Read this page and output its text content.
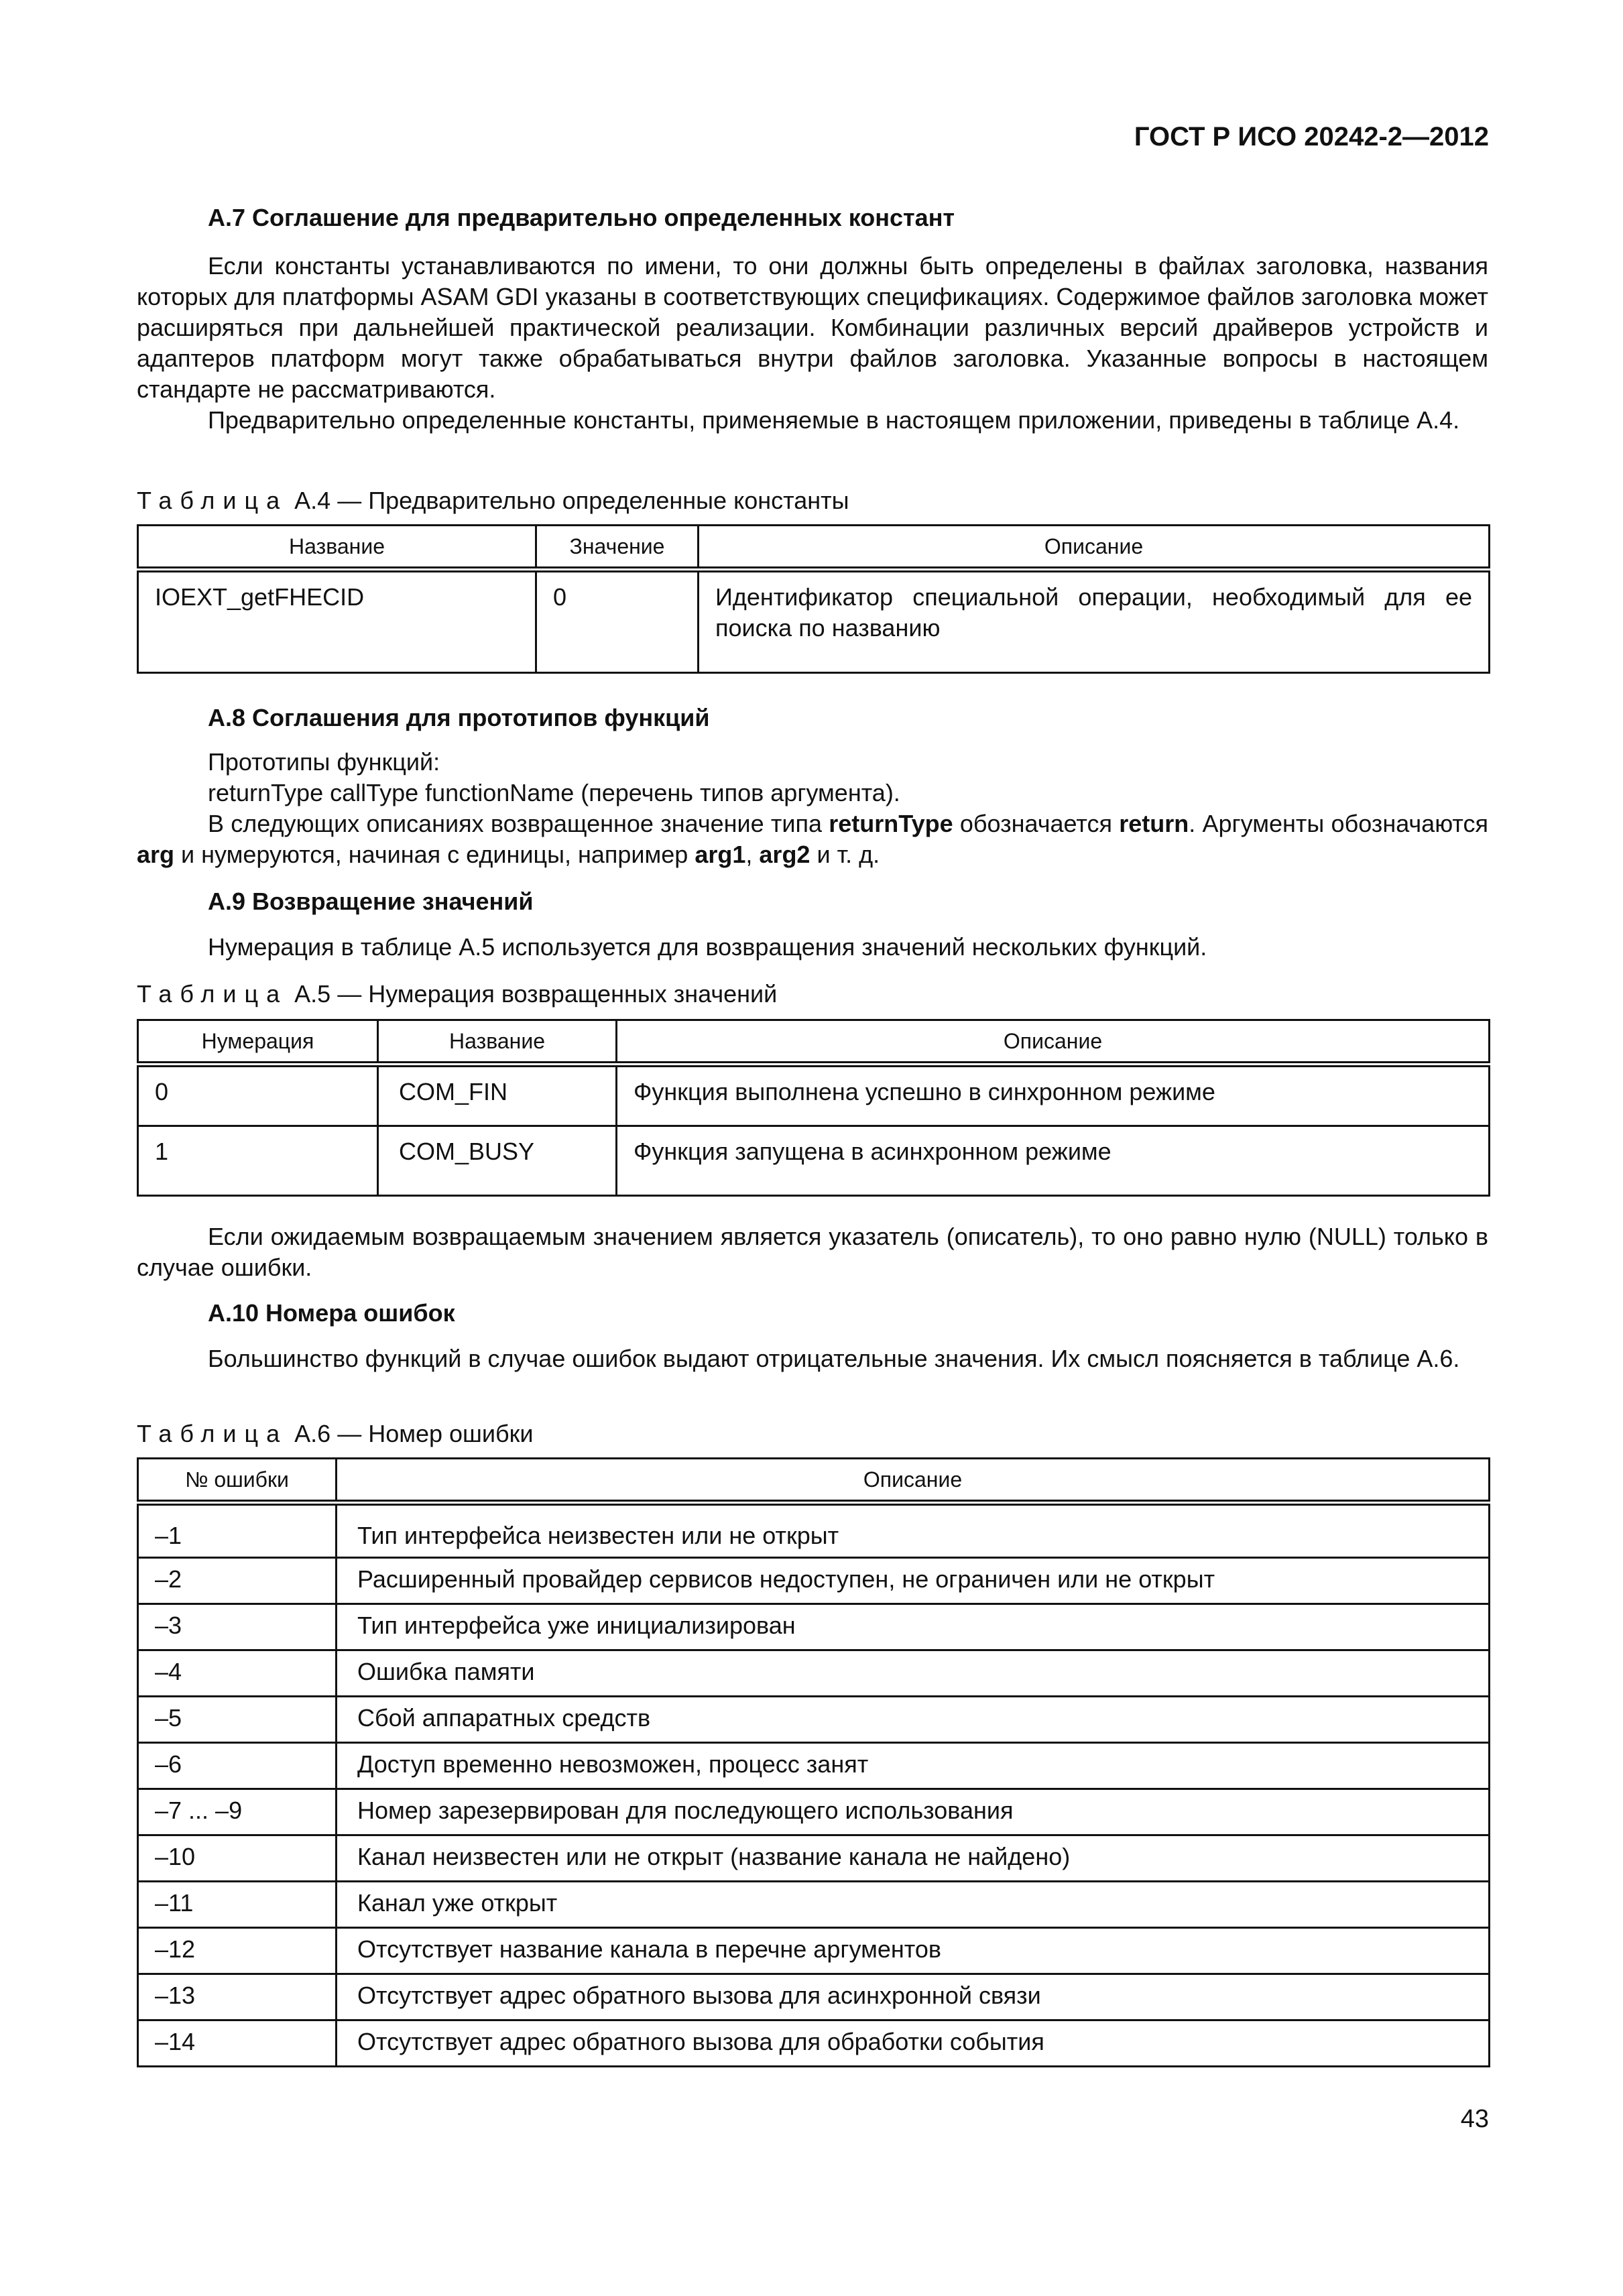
ГОСТ Р ИСО 20242-2—2012
А.7 Соглашение для предварительно определенных констант

Если константы устанавливаются по имени, то они должны быть определены в файлах заголовка, названия которых для платформы ASAM GDI указаны в соответствующих спецификациях. Содержимое файлов заголовка может расширяться при дальнейшей практической реализации. Комбинации различных версий драйверов устройств и адаптеров платформ могут также обрабатываться внутри файлов заголовка. Указанные вопросы в настоящем стандарте не рассматриваются.

Предварительно определенные константы, применяемые в настоящем приложении, приведены в таблице А.4.

Таблица А.4 — Предварительно определенные константы

Название	Значение	Описание
IOEXT_getFHECID	0	Идентификатор специальной операции, необходимый для ее поиска по названию
А.8 Соглашения для прототипов функций

Прототипы функций:

returnType callType functionName (перечень типов аргумента).

В следующих описаниях возвращенное значение типа returnType обозначается return. Аргументы обозначаются arg и нумеруются, начиная с единицы, например arg1, arg2 и т. д.

А.9 Возвращение значений

Нумерация в таблице А.5 используется для возвращения значений нескольких функций.

Таблица А.5 — Нумерация возвращенных значений

Нумерация	Название	Описание
0	COM_FIN	Функция выполнена успешно в синхронном режиме
1	COM_BUSY	Функция запущена в асинхронном режиме

Если ожидаемым возвращаемым значением является указатель (описатель), то оно равно нулю (NULL) только в случае ошибки.

А.10 Номера ошибок

Большинство функций в случае ошибок выдают отрицательные значения. Их смысл поясняется в таблице А.6.

Таблица А.6 — Номер ошибки

№ ошибки	Описание
–1	Тип интерфейса неизвестен или не открыт
–2	Расширенный провайдер сервисов недоступен, не ограничен или не открыт
–3	Тип интерфейса уже инициализирован
–4	Ошибка памяти
–5	Сбой аппаратных средств
–6	Доступ временно невозможен, процесс занят
–7 ... –9	Номер зарезервирован для последующего использования
–10	Канал неизвестен или не открыт (название канала не найдено)
–11	Канал уже открыт
–12	Отсутствует название канала в перечне аргументов
–13	Отсутствует адрес обратного вызова для асинхронной связи
–14	Отсутствует адрес обратного вызова для обработки события
43
